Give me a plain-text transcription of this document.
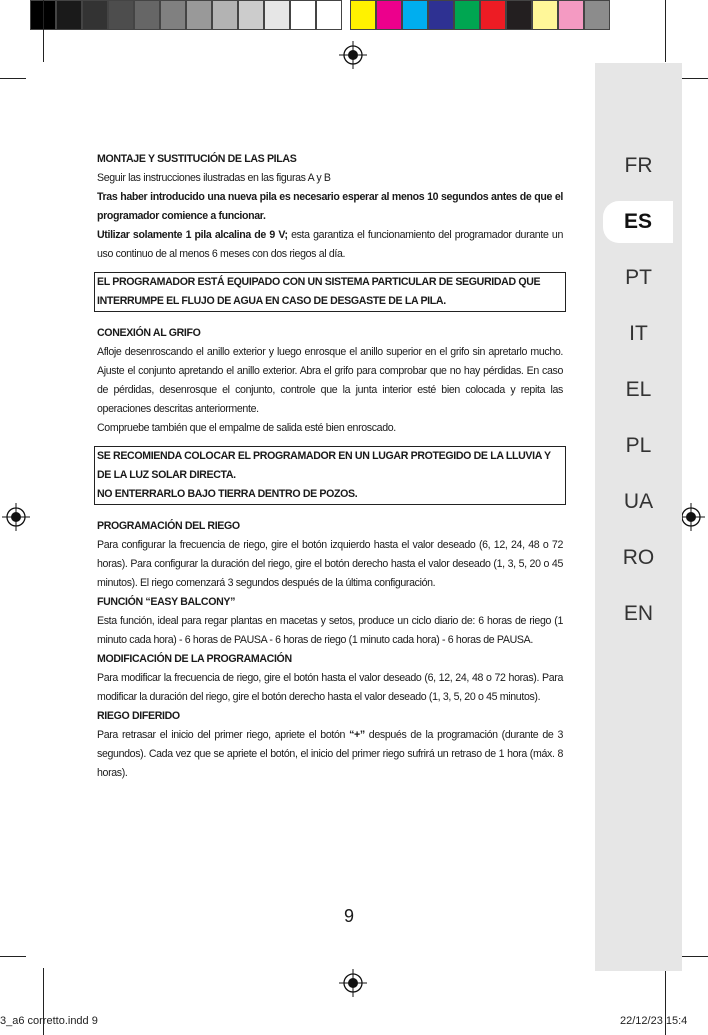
FR
ES
PT
IT
EL
PL
UA
RO
EN

MONTAJE Y SUSTITUCIÓN DE LAS PILAS

Seguir las instrucciones ilustradas en las figuras A y B

Tras haber introducido una nueva pila es necesario esperar al menos 10 segundos antes de que el programador comience a funcionar.

Utilizar solamente 1 pila alcalina de 9 V; esta garantiza el funcionamiento del programador durante un uso continuo de al menos 6 meses con dos riegos al día.

EL PROGRAMADOR ESTÁ EQUIPADO CON UN SISTEMA PARTICULAR DE SEGURIDAD QUE INTERRUMPE EL FLUJO DE AGUA EN CASO DE DESGASTE DE LA PILA.

CONEXIÓN AL GRIFO

Afloje desenroscando el anillo exterior y luego enrosque el anillo superior en el grifo sin apretarlo mucho. Ajuste el conjunto apretando el anillo exterior. Abra el grifo para comprobar que no hay pérdidas. En caso de pérdidas, desenrosque el conjunto, controle que la junta interior esté bien colocada y repita las operaciones descritas anteriormente.

Compruebe también que el empalme de salida esté bien enroscado.

SE RECOMIENDA COLOCAR EL PROGRAMADOR EN UN LUGAR PROTEGIDO DE LA LLUVIA Y DE LA LUZ SOLAR DIRECTA.
NO ENTERRARLO BAJO TIERRA DENTRO DE POZOS.

PROGRAMACIÓN DEL RIEGO

Para configurar la frecuencia de riego, gire el botón izquierdo hasta el valor deseado (6, 12, 24, 48 o 72 horas). Para configurar la duración del riego, gire el botón derecho hasta el valor deseado (1, 3, 5, 20 o 45 minutos). El riego comenzará 3 segundos después de la última configuración.

FUNCIÓN “EASY BALCONY”

Esta función, ideal para regar plantas en macetas y setos, produce un ciclo diario de: 6 horas de riego (1 minuto cada hora) - 6 horas de PAUSA - 6 horas de riego (1 minuto cada hora) - 6 horas de PAUSA.

MODIFICACIÓN DE LA PROGRAMACIÓN

Para modificar la frecuencia de riego, gire el botón hasta el valor deseado (6, 12, 24, 48 o 72 horas). Para modificar la duración del riego, gire el botón derecho hasta el valor deseado (1, 3, 5, 20 o 45 minutos).

RIEGO DIFERIDO

Para retrasar el inicio del primer riego, apriete el botón “+” después de la programación (durante de 3 segundos). Cada vez que se apriete el botón, el inicio del primer riego sufrirá un retraso de 1 hora (máx. 8 horas).

9
3_a6 corretto.indd 9	22/12/23 15:4
